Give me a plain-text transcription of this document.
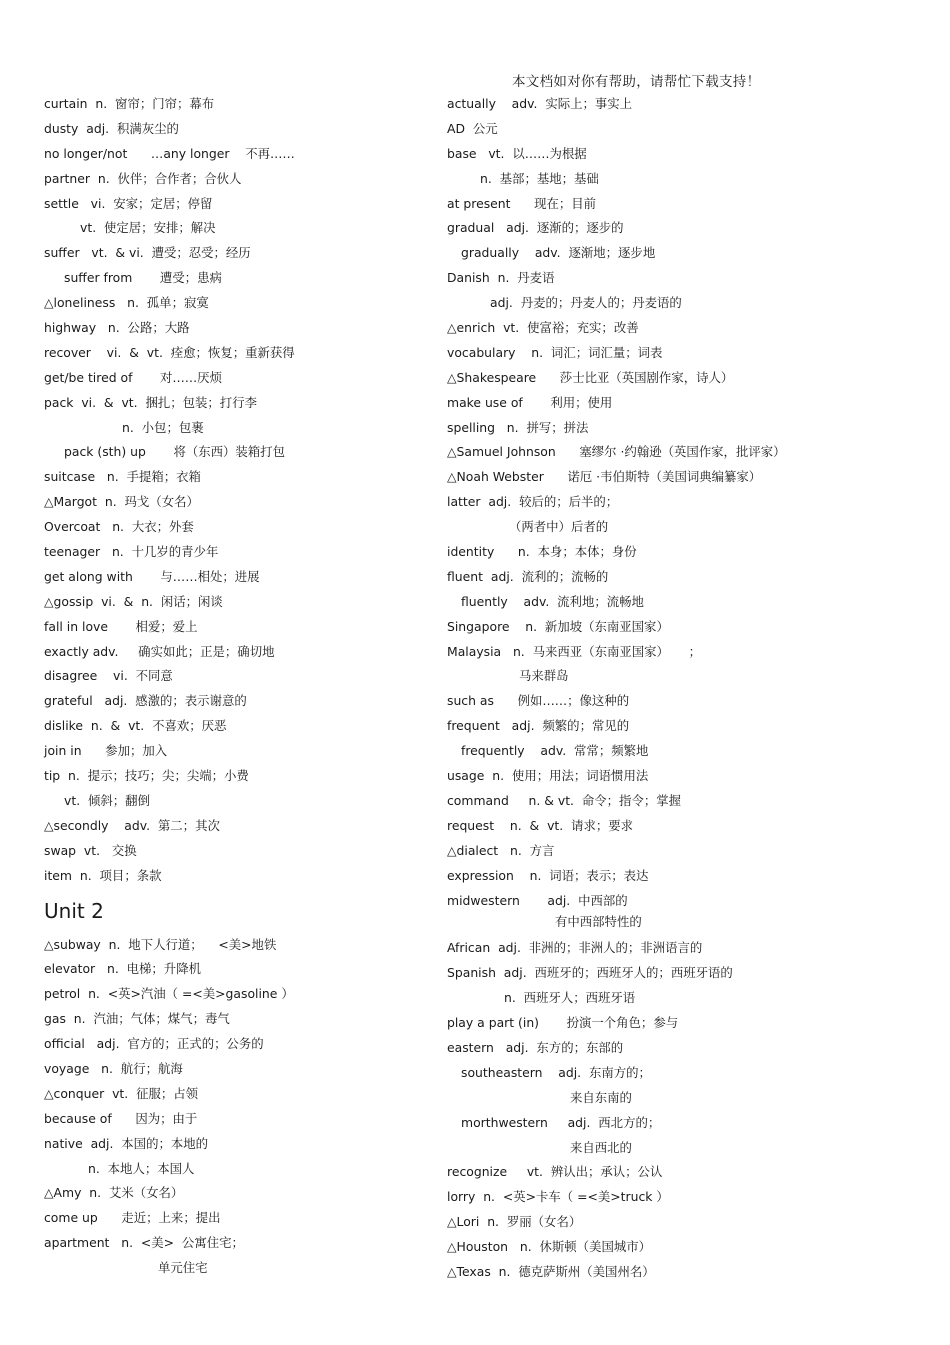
本文档如对你有帮助，请帮忙下载支持！
curtain  n.  窗帘；门帘；幕布
dusty  adj.  积满灰尘的
no longer/not      …any longer    不再……
partner  n.  伙伴；合作者；合伙人
settle   vi.  安家；定居；停留
vt.  使定居；安排；解决
suffer   vt.  & vi.  遭受；忍受；经历
suffer from       遭受；患病
△loneliness   n.  孤单；寂寞
highway   n.  公路；大路
recover    vi.  &  vt.  痊愈；恢复；重新获得
get/be tired of       对……厌烦
pack  vi.  &  vt.  捆扎；包装；打行李
n.  小包；包裹
pack (sth) up       将（东西）装箱打包
suitcase   n.  手提箱；衣箱
△Margot  n.  玛戈（女名）
Overcoat   n.  大衣；外套
teenager   n.  十几岁的青少年
get along with       与……相处；进展
△gossip  vi.  &  n.  闲话；闲谈
fall in love       相爱；爱上
exactly adv.     确实如此；正是；确切地
disagree    vi.  不同意
grateful   adj.  感激的；表示谢意的
dislike  n.  &  vt.  不喜欢；厌恶
join in      参加；加入
tip  n.  提示；技巧；尖；尖端；小费
vt.  倾斜；翻倒
△secondly    adv.  第二；其次
swap  vt.   交换
item  n.  项目；条款
Unit 2
△subway  n.  地下人行道；    <美>地铁
elevator   n.  电梯；升降机
petrol  n.  <英>汽油（ =<美>gasoline ）
gas  n.  汽油；气体；煤气；毒气
official   adj.  官方的；正式的；公务的
voyage   n.  航行；航海
△conquer  vt.  征服；占领
because of      因为；由于
native  adj.  本国的；本地的
n.  本地人；本国人
△Amy  n.  艾米（女名）
come up      走近；上来；提出
apartment   n.  <美>  公寓住宅；
单元住宅
actually    adv.  实际上；事实上
AD  公元
base   vt.  以……为根据
n.  基部；基地；基础
at present      现在；目前
gradual   adj.  逐渐的；逐步的
gradually    adv.  逐渐地；逐步地
Danish  n.  丹麦语
adj.  丹麦的；丹麦人的；丹麦语的
△enrich  vt.  使富裕；充实；改善
vocabulary    n.  词汇；词汇量；词表
△Shakespeare      莎士比亚（英国剧作家，诗人）
make use of       利用；使用
spelling   n.  拼写；拼法
△Samuel Johnson      塞缪尔 ·约翰逊（英国作家，批评家）
△Noah Webster      诺厄 ·韦伯斯特（美国词典编纂家）
latter  adj.  较后的；后半的；
（两者中）后者的
identity      n.  本身；本体；身份
fluent  adj.  流利的；流畅的
fluently    adv.  流利地；流畅地
Singapore    n.  新加坡（东南亚国家）
Malaysia   n.  马来西亚（东南亚国家）     ；
马来群岛
such as      例如……；像这种的
frequent   adj.  频繁的；常见的
frequently    adv.  常常；频繁地
usage  n.  使用；用法；词语惯用法
command     n. & vt.  命令；指令；掌握
request    n.  &  vt.  请求；要求
△dialect   n.  方言
expression    n.  词语；表示；表达
midwestern       adj.  中西部的
有中西部特性的
African  adj.  非洲的；非洲人的；非洲语言的
Spanish  adj.  西班牙的；西班牙人的；西班牙语的
n.  西班牙人；西班牙语
play a part (in)       扮演一个角色；参与
eastern   adj.  东方的；东部的
southeastern    adj.  东南方的；
来自东南的
morthwestern     adj.  西北方的；
来自西北的
recognize     vt.  辨认出；承认；公认
lorry  n.  <英>卡车（ =<美>truck ）
△Lori  n.  罗丽（女名）
△Houston   n.  休斯顿（美国城市）
△Texas  n.  德克萨斯州（美国州名）
